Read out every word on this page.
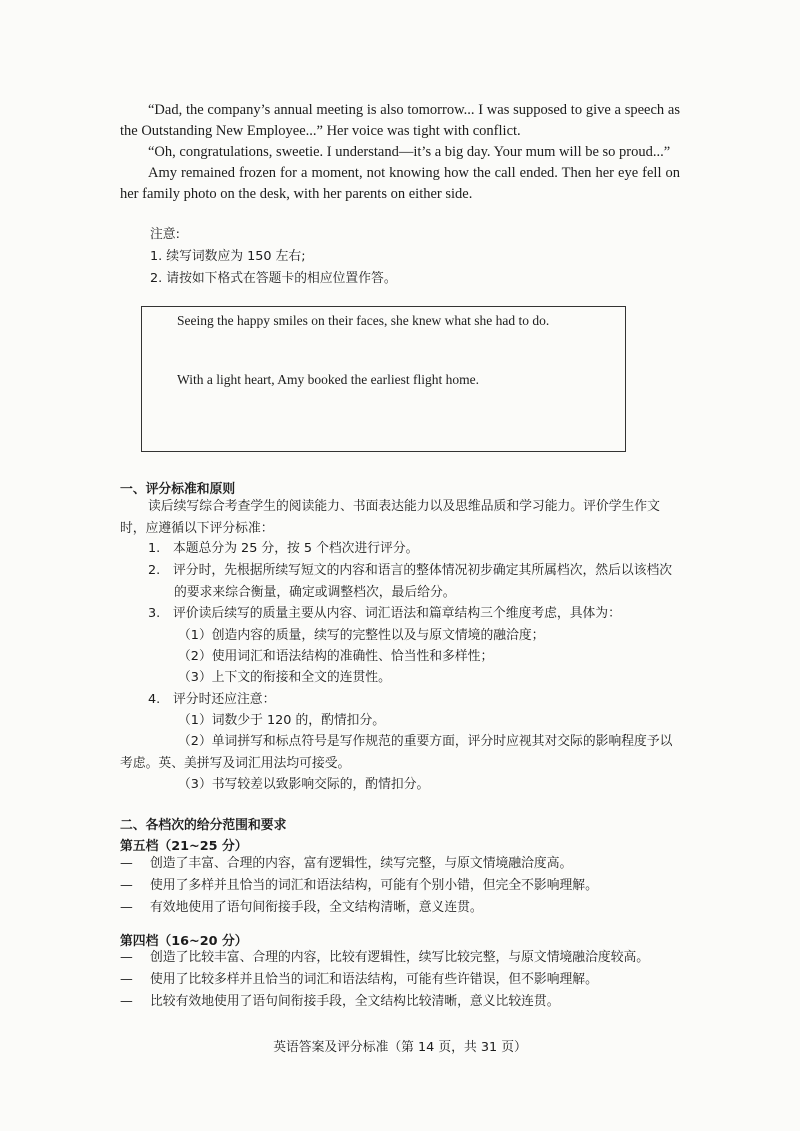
“Dad, the company’s annual meeting is also tomorrow... I was supposed to give a speech as the Outstanding New Employee...” Her voice was tight with conflict.

“Oh, congratulations, sweetie. I understand—it’s a big day. Your mum will be so proud...”

Amy remained frozen for a moment, not knowing how the call ended. Then her eye fell on her family photo on the desk, with her parents on either side.

注意:
1. 续写词数应为 150 左右;
2. 请按如下格式在答题卡的相应位置作答。
Seeing the happy smiles on their faces, she knew what she had to do.
With a light heart, Amy booked the earliest flight home.
一、评分标准和原则

读后续写综合考查学生的阅读能力、书面表达能力以及思维品质和学习能力。评价学生作文时，应遵循以下评分标准：

1.　本题总分为 25 分，按 5 个档次进行评分。
2.　评分时，先根据所续写短文的内容和语言的整体情况初步确定其所属档次，然后以该档次的要求来综合衡量，确定或调整档次，最后给分。
3.　评价读后续写的质量主要从内容、词汇语法和篇章结构三个维度考虑，具体为：
（1）创造内容的质量，续写的完整性以及与原文情境的融洽度；
（2）使用词汇和语法结构的准确性、恰当性和多样性；
（3）上下文的衔接和全文的连贯性。
4.　评分时还应注意：
（1）词数少于 120 的，酌情扣分。
（2）单词拼写和标点符号是写作规范的重要方面，评分时应视其对交际的影响程度予以考虑。英、美拼写及词汇用法均可接受。
（3）书写较差以致影响交际的，酌情扣分。
二、各档次的给分范围和要求
第五档（21~25 分）
— 创造了丰富、合理的内容，富有逻辑性，续写完整，与原文情境融洽度高。
— 使用了多样并且恰当的词汇和语法结构，可能有个别小错，但完全不影响理解。
— 有效地使用了语句间衔接手段，全文结构清晰，意义连贯。
第四档（16~20 分）
— 创造了比较丰富、合理的内容，比较有逻辑性，续写比较完整，与原文情境融洽度较高。
— 使用了比较多样并且恰当的词汇和语法结构，可能有些许错误，但不影响理解。
— 比较有效地使用了语句间衔接手段，全文结构比较清晰，意义比较连贯。
英语答案及评分标准（第 14 页，共 31 页）
